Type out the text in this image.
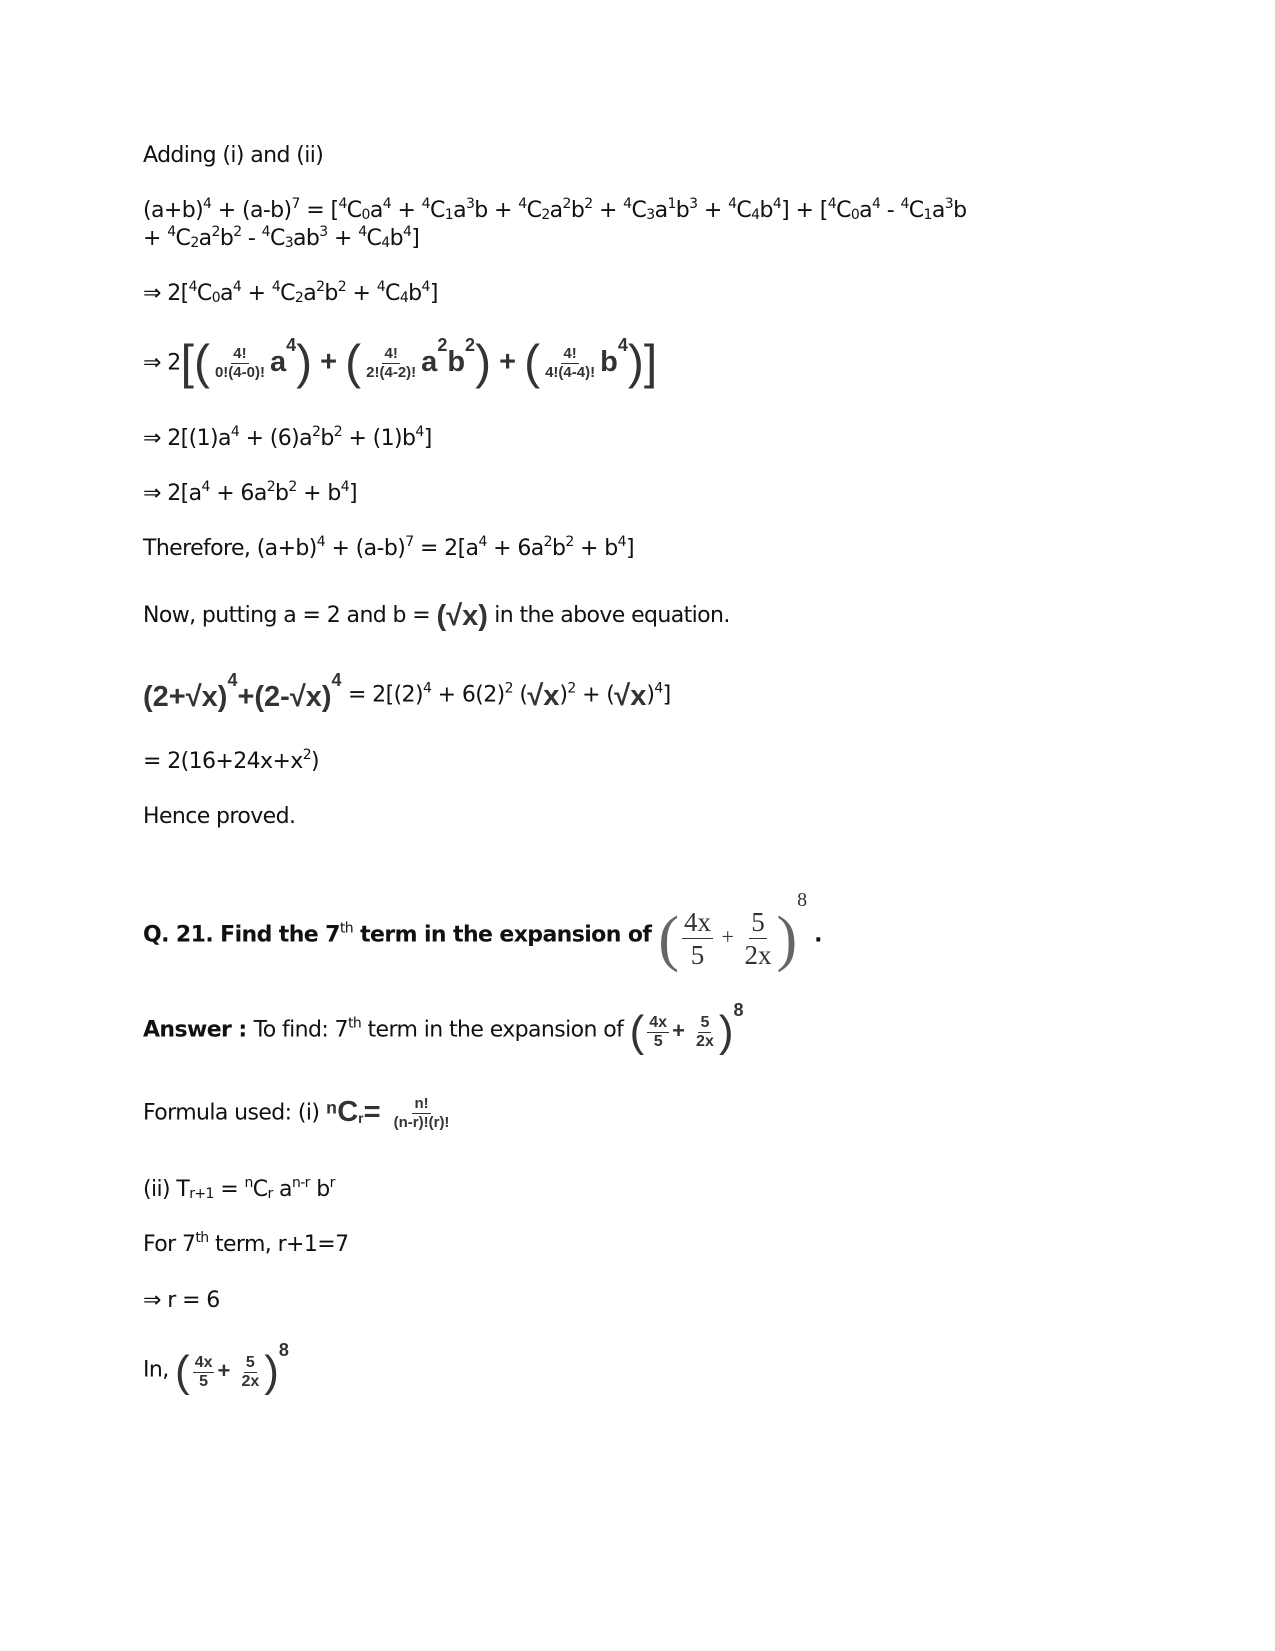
Adding (i) and (ii)
$(a+b)^4 + (a-b)^7 = [^4C_0a^4 + ^4C_1a^3b + ^4C_2a^2b^2 + ^4C_3a^1b^3 + ^4C_4b^4] + [^4C_0a^4 - ^4C_1a^3b$
+ $^4C_2a^2b^2 - ^4C_3ab^3 + ^4C_4b^4$]
⇒ $2[^4C_0a^4 + ^4C_2a^2b^2 + ^4C_4b^4]$
⇒ $2[( \frac{4!}{0!(4-0)!} a^4)$ + ( $\frac{4!}{2!(4-2)!} a^2b^2$) + ( $\frac{4!}{4!(4-4)!} b^4$)]
⇒ $2[(1)a^4 + (6)a^2b^2 + (1)b^4]$
⇒ $2[a^4 + 6a^2b^2 + b^4]$
Therefore, $(a+b)^4 + (a-b)^7 = 2[a^4 + 6a^2b^2 + b^4]$
Now, putting a = 2 and b = (√x) in the above equation.
$(2+√x)^4+(2-√x)^4 = 2[(2)^4 + 6(2)^2$ $(√x)^2 + (√x)^4$]
= $2(16+24x+x^2)$
Hence proved.
Q. 21. Find the 7th term in the expansion of ( $\frac{4x}{5} + \frac{5}{2x} )^8$ .
Answer : To find: 7th term in the expansion of ( $\frac{4x}{5} + \frac{5}{2x} )^8$
Formula used: (i) $^nC_r= \frac{n!}{(n-r)!(r)!}$
(ii) $T_{r+1} = ^nC_r$ $a^{n-r}$ $b^r$
For 7th term, r+1=7
⇒ r = 6
In, ( $\frac{4x}{5} + \frac{5}{2x} )^8$
